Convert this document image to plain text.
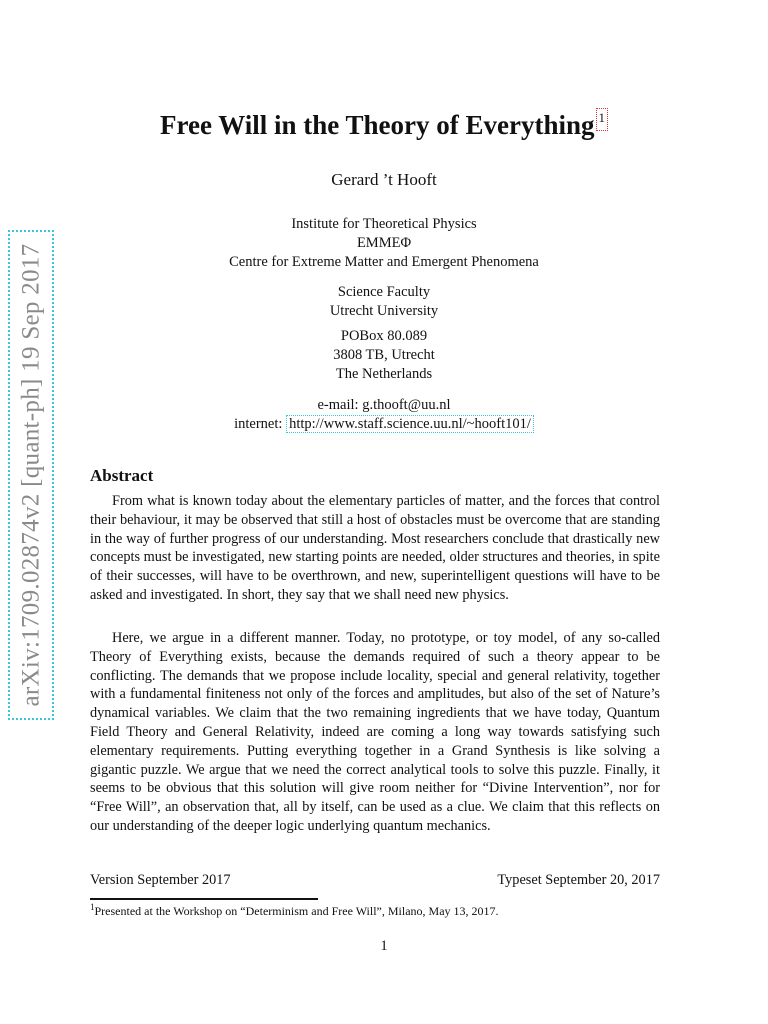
arXiv:1709.02874v2 [quant-ph] 19 Sep 2017
Free Will in the Theory of Everything 1
Gerard ’t Hooft
Institute for Theoretical Physics
EMMEΦ
Centre for Extreme Matter and Emergent Phenomena
Science Faculty
Utrecht University
POBox 80.089
3808 TB, Utrecht
The Netherlands
e-mail: g.thooft@uu.nl
internet: http://www.staff.science.uu.nl/~hooft101/
Abstract

From what is known today about the elementary particles of matter, and the forces that control their behaviour, it may be observed that still a host of obstacles must be overcome that are standing in the way of further progress of our understanding. Most researchers conclude that drastically new concepts must be investigated, new starting points are needed, older structures and theories, in spite of their successes, will have to be overthrown, and new, superintelligent questions will have to be asked and investigated. In short, they say that we shall need new physics.

Here, we argue in a different manner. Today, no prototype, or toy model, of any so-called Theory of Everything exists, because the demands required of such a theory appear to be conflicting. The demands that we propose include locality, special and general relativity, together with a fundamental finiteness not only of the forces and amplitudes, but also of the set of Nature’s dynamical variables. We claim that the two remaining ingredients that we have today, Quantum Field Theory and General Relativity, indeed are coming a long way towards satisfying such elementary requirements. Putting everything together in a Grand Synthesis is like solving a gigantic puzzle. We argue that we need the correct analytical tools to solve this puzzle. Finally, it seems to be obvious that this solution will give room neither for “Divine Intervention”, nor for “Free Will”, an observation that, all by itself, can be used as a clue. We claim that this reflects on our understanding of the deeper logic underlying quantum mechanics.

Version September 2017	Typeset September 20, 2017
$^1$Presented at the Workshop on “Determinism and Free Will”, Milano, May 13, 2017.
1
